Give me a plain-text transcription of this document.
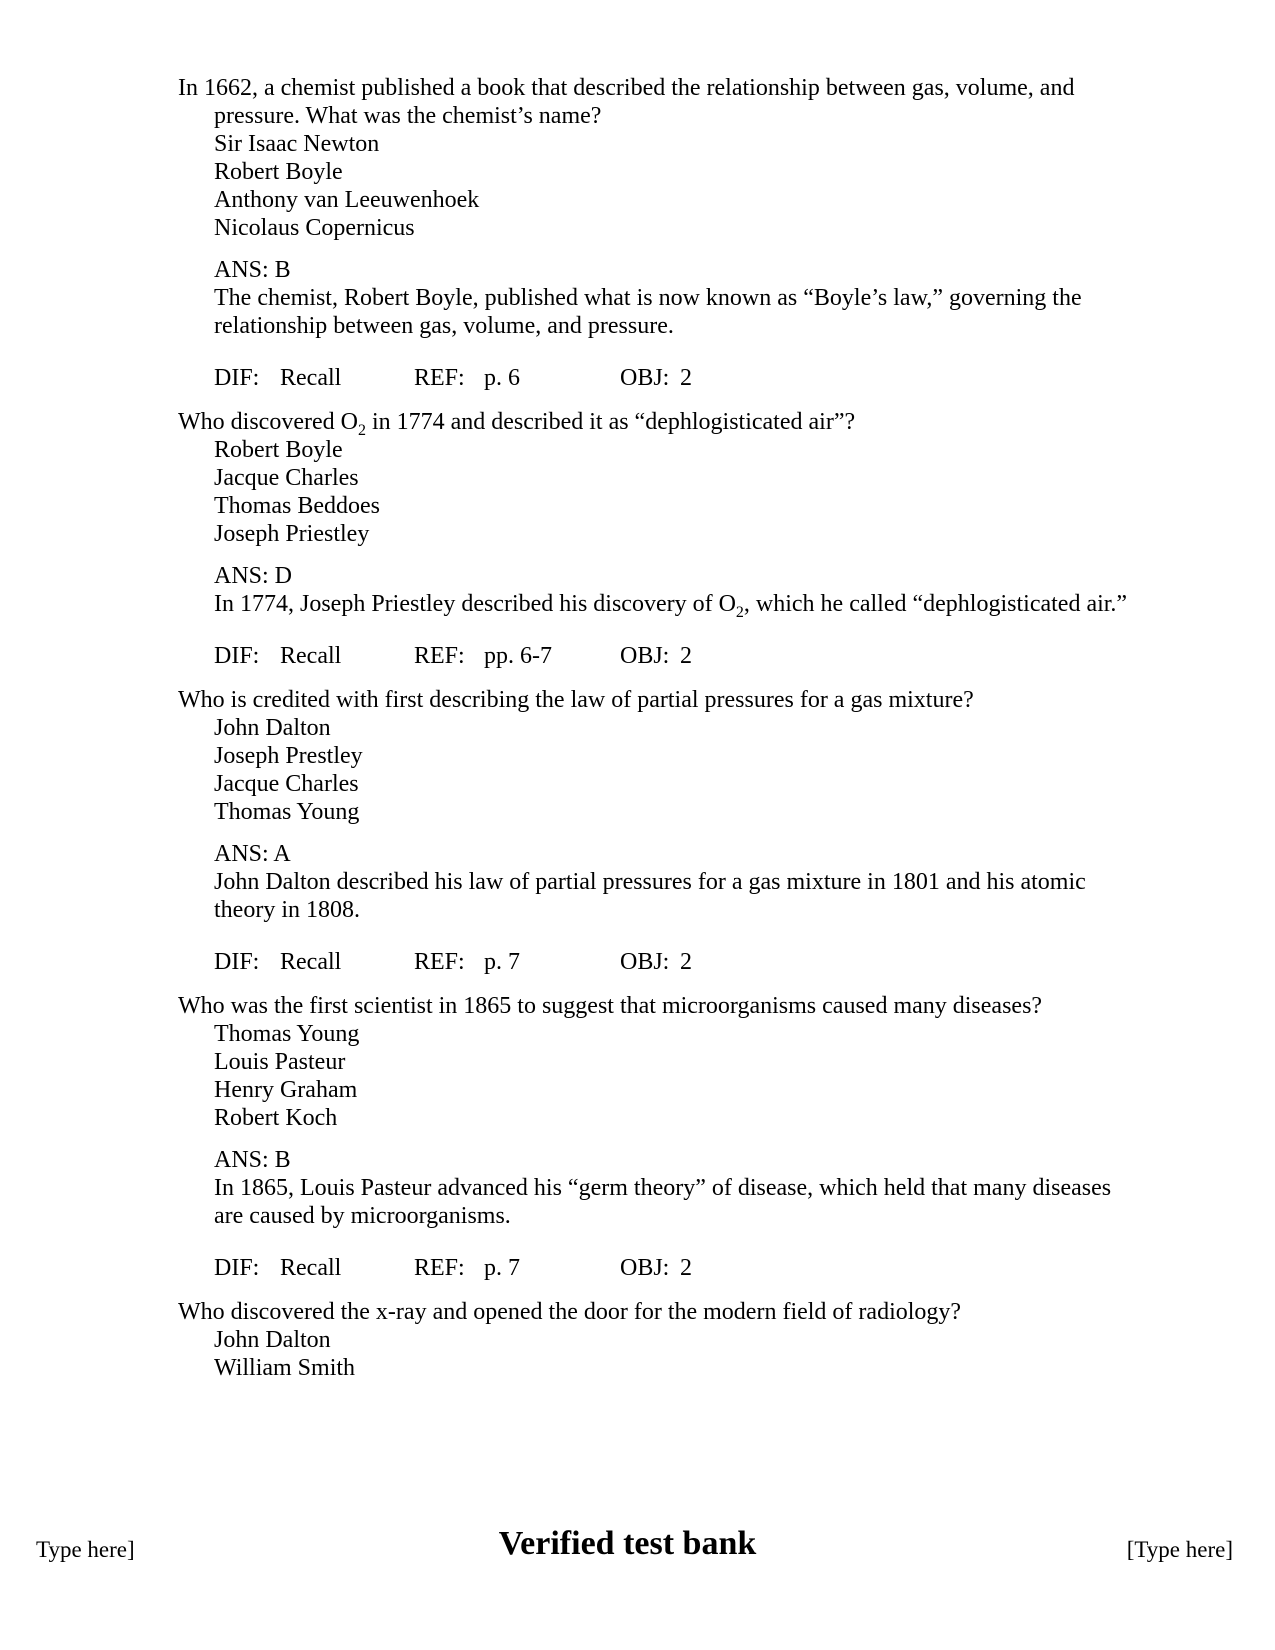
In 1662, a chemist published a book that described the relationship between gas, volume, and pressure. What was the chemist’s name?
Sir Isaac Newton
Robert Boyle
Anthony van Leeuwenhoek
Nicolaus Copernicus
ANS: B
The chemist, Robert Boyle, published what is now known as “Boyle’s law,” governing the relationship between gas, volume, and pressure.
DIF: Recall	REF: p. 6	OBJ: 2
Who discovered $O_2$ in 1774 and described it as “dephlogisticated air”?
Robert Boyle
Jacque Charles
Thomas Beddoes
Joseph Priestley
ANS: D
In 1774, Joseph Priestley described his discovery of $O_2$, which he called “dephlogisticated air.”
DIF: Recall	REF: pp. 6-7	OBJ: 2
Who is credited with first describing the law of partial pressures for a gas mixture?
John Dalton
Joseph Prestley
Jacque Charles
Thomas Young
ANS: A
John Dalton described his law of partial pressures for a gas mixture in 1801 and his atomic theory in 1808.
DIF: Recall	REF: p. 7	OBJ: 2
Who was the first scientist in 1865 to suggest that microorganisms caused many diseases?
Thomas Young
Louis Pasteur
Henry Graham
Robert Koch
ANS: B
In 1865, Louis Pasteur advanced his “germ theory” of disease, which held that many diseases are caused by microorganisms.
DIF: Recall	REF: p. 7	OBJ: 2
Who discovered the x-ray and opened the door for the modern field of radiology?
John Dalton
William Smith
Type here]	Verified test bank	[Type here]
